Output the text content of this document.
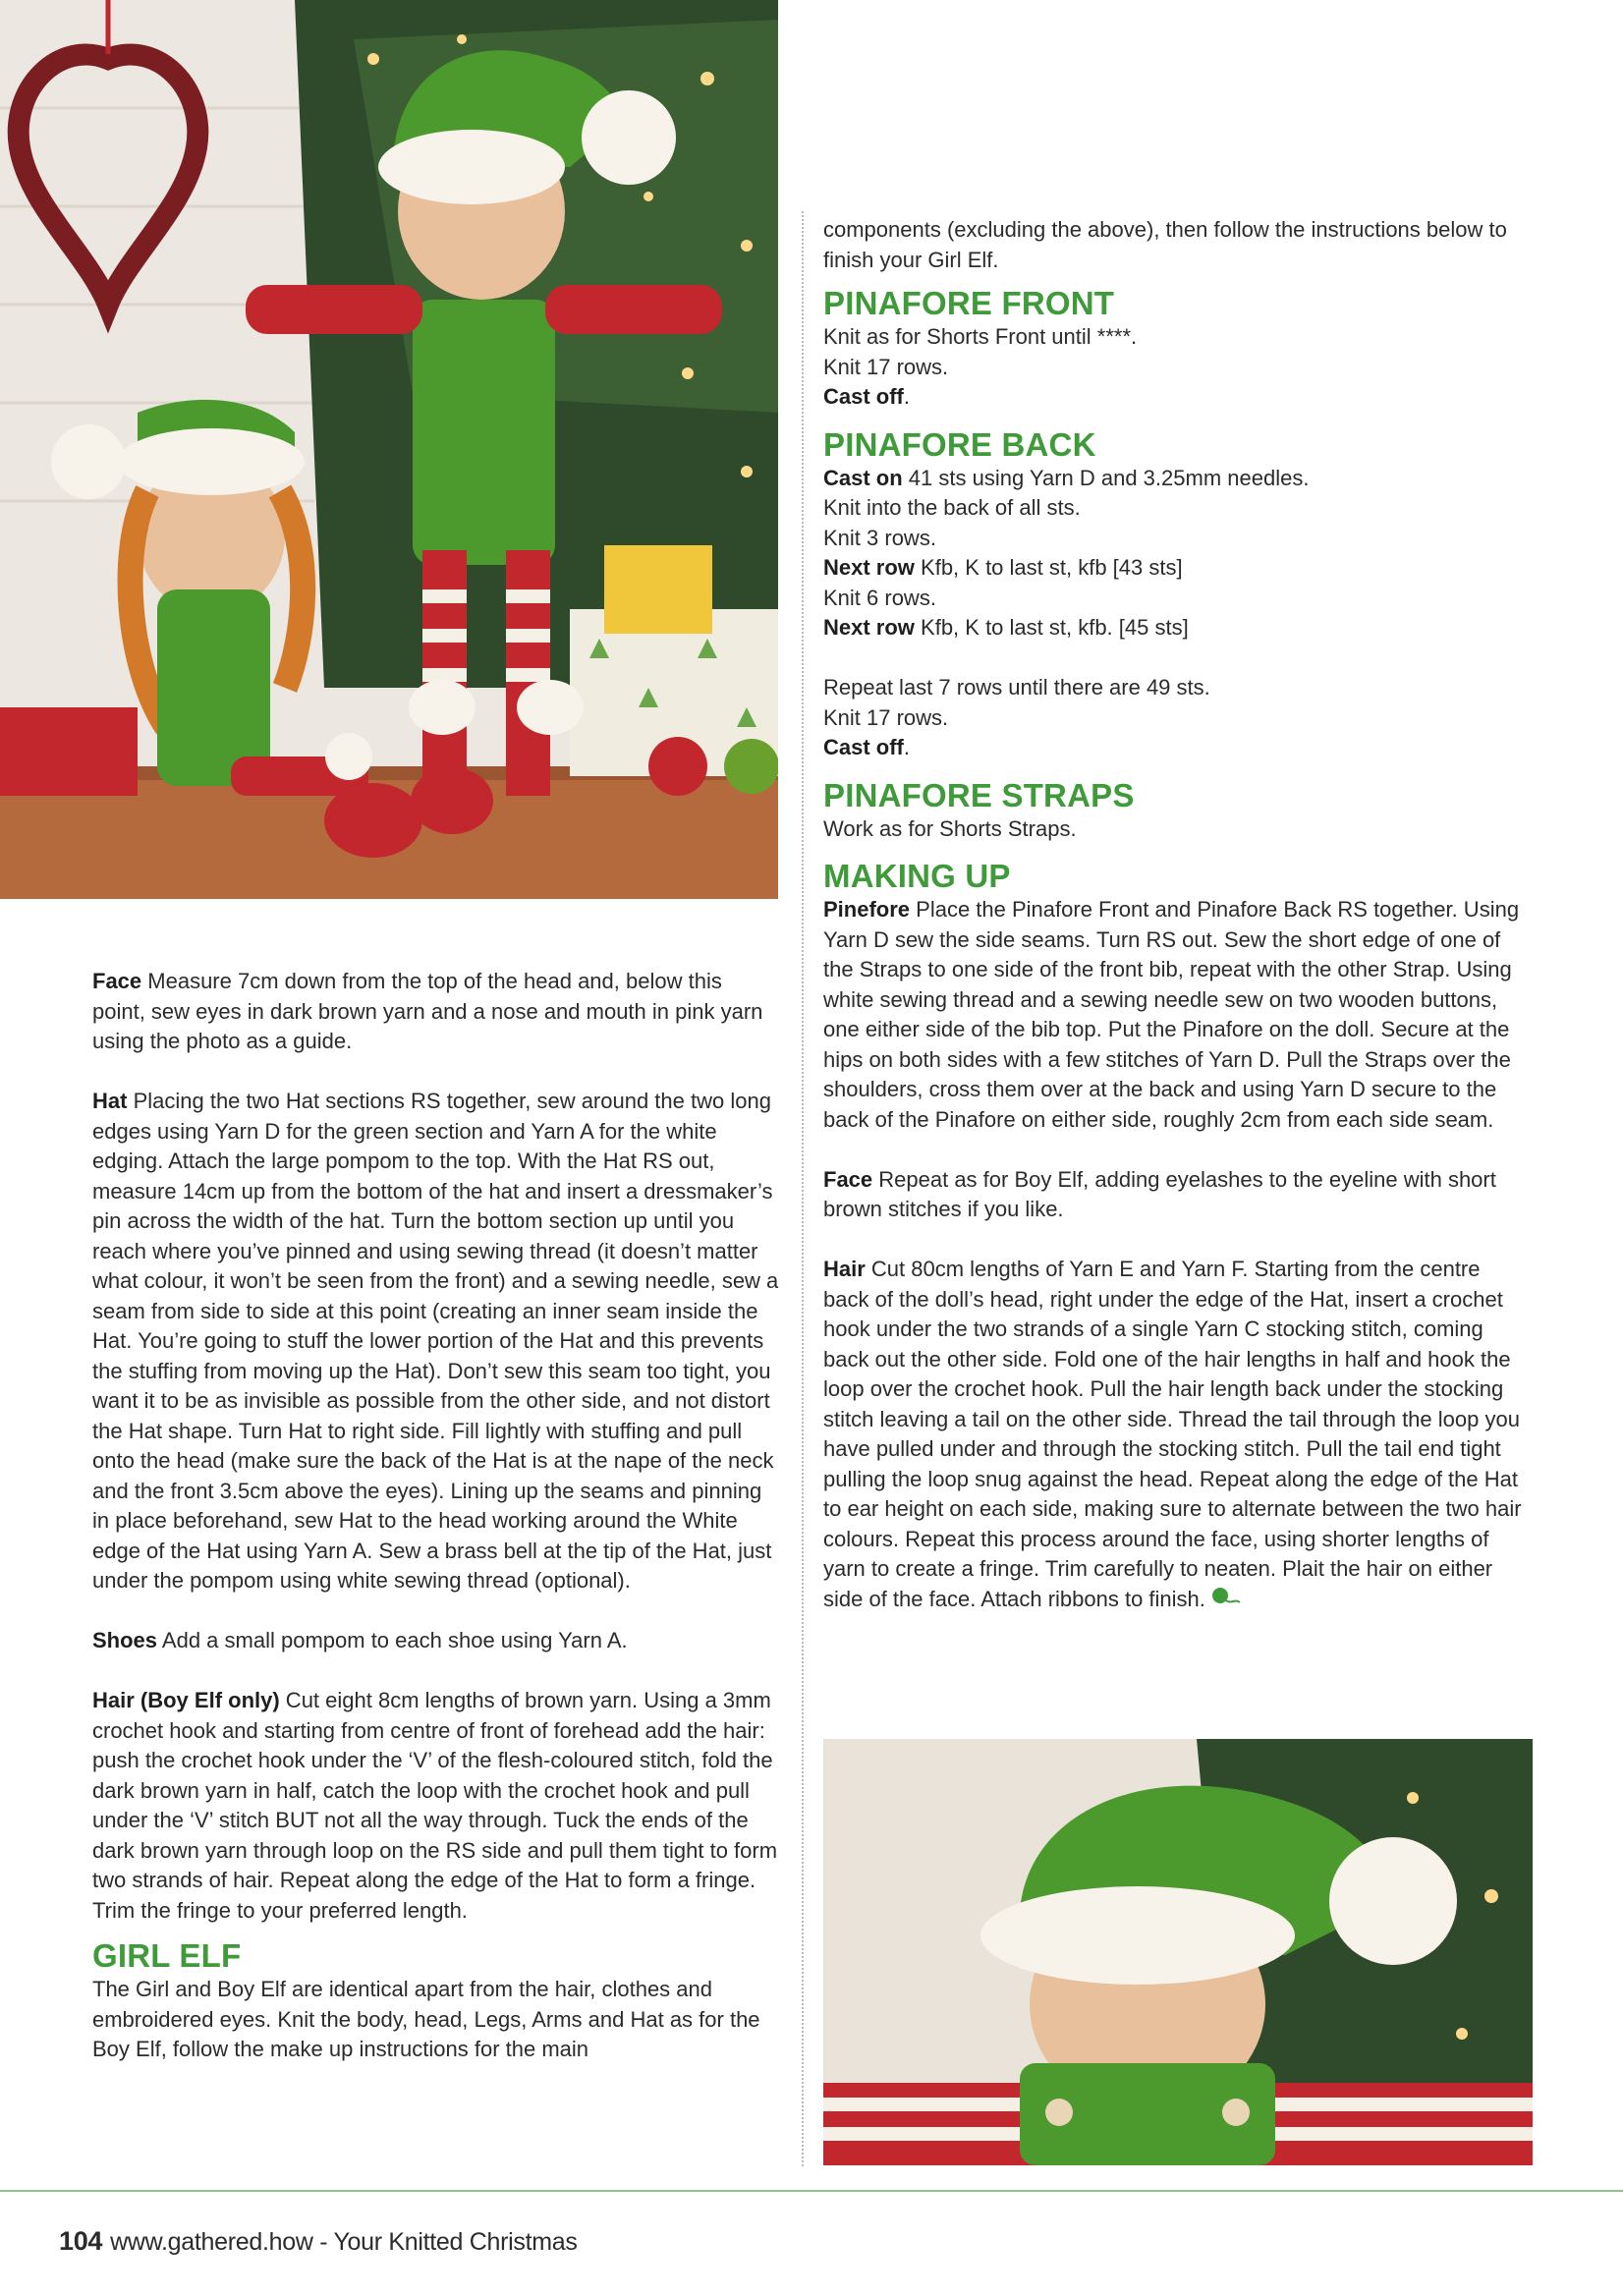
Face Measure 7cm down from the top of the head and, below this point, sew eyes in dark brown yarn and a nose and mouth in pink yarn using the photo as a guide.

Hat Placing the two Hat sections RS together, sew around the two long edges using Yarn D for the green section and Yarn A for the white edging. Attach the large pompom to the top. With the Hat RS out, measure 14cm up from the bottom of the hat and insert a dressmaker’s pin across the width of the hat. Turn the bottom section up until you reach where you’ve pinned and using sewing thread (it doesn’t matter what colour, it won’t be seen from the front) and a sewing needle, sew a seam from side to side at this point (creating an inner seam inside the Hat. You’re going to stuff the lower portion of the Hat and this prevents the stuffing from moving up the Hat). Don’t sew this seam too tight, you want it to be as invisible as possible from the other side, and not distort the Hat shape. Turn Hat to right side. Fill lightly with stuffing and pull onto the head (make sure the back of the Hat is at the nape of the neck and the front 3.5cm above the eyes). Lining up the seams and pinning in place beforehand, sew Hat to the head working around the White edge of the Hat using Yarn A. Sew a brass bell at the tip of the Hat, just under the pompom using white sewing thread (optional).

Shoes Add a small pompom to each shoe using Yarn A.

Hair (Boy Elf only) Cut eight 8cm lengths of brown yarn. Using a 3mm crochet hook and starting from centre of front of forehead add the hair: push the crochet hook under the ‘V’ of the flesh-coloured stitch, fold the dark brown yarn in half, catch the loop with the crochet hook and pull under the ‘V’ stitch BUT not all the way through. Tuck the ends of the dark brown yarn through loop on the RS side and pull them tight to form two strands of hair. Repeat along the edge of the Hat to form a fringe. Trim the fringe to your preferred length.

GIRL ELF

The Girl and Boy Elf are identical apart from the hair, clothes and embroidered eyes. Knit the body, head, Legs, Arms and Hat as for the Boy Elf, follow the make up instructions for the main

components (excluding the above), then follow the instructions below to finish your Girl Elf.

PINAFORE FRONT
Knit as for Shorts Front until ****.
Knit 17 rows.
Cast off.
PINAFORE BACK
Cast on 41 sts using Yarn D and 3.25mm needles.
Knit into the back of all sts.
Knit 3 rows.
Next row Kfb, K to last st, kfb [43 sts]
Knit 6 rows.
Next row Kfb, K to last st, kfb. [45 sts]
Repeat last 7 rows until there are 49 sts.
Knit 17 rows.
Cast off.
PINAFORE STRAPS
Work as for Shorts Straps.
MAKING UP

Pinefore Place the Pinafore Front and Pinafore Back RS together. Using Yarn D sew the side seams. Turn RS out. Sew the short edge of one of the Straps to one side of the front bib, repeat with the other Strap. Using white sewing thread and a sewing needle sew on two wooden buttons, one either side of the bib top. Put the Pinafore on the doll. Secure at the hips on both sides with a few stitches of Yarn D. Pull the Straps over the shoulders, cross them over at the back and using Yarn D secure to the back of the Pinafore on either side, roughly 2cm from each side seam.

Face Repeat as for Boy Elf, adding eyelashes to the eyeline with short brown stitches if you like.

Hair Cut 80cm lengths of Yarn E and Yarn F. Starting from the centre back of the doll’s head, right under the edge of the Hat, insert a crochet hook under the two strands of a single Yarn C stocking stitch, coming back out the other side. Fold one of the hair lengths in half and hook the loop over the crochet hook. Pull the hair length back under the stocking stitch leaving a tail on the other side. Thread the tail through the loop you have pulled under and through the stocking stitch. Pull the tail end tight pulling the loop snug against the head. Repeat along the edge of the Hat to ear height on each side, making sure to alternate between the two hair colours. Repeat this process around the face, using shorter lengths of yarn to create a fringe. Trim carefully to neaten. Plait the hair on either side of the face. Attach ribbons to finish.

104 www.gathered.how - Your Knitted Christmas
